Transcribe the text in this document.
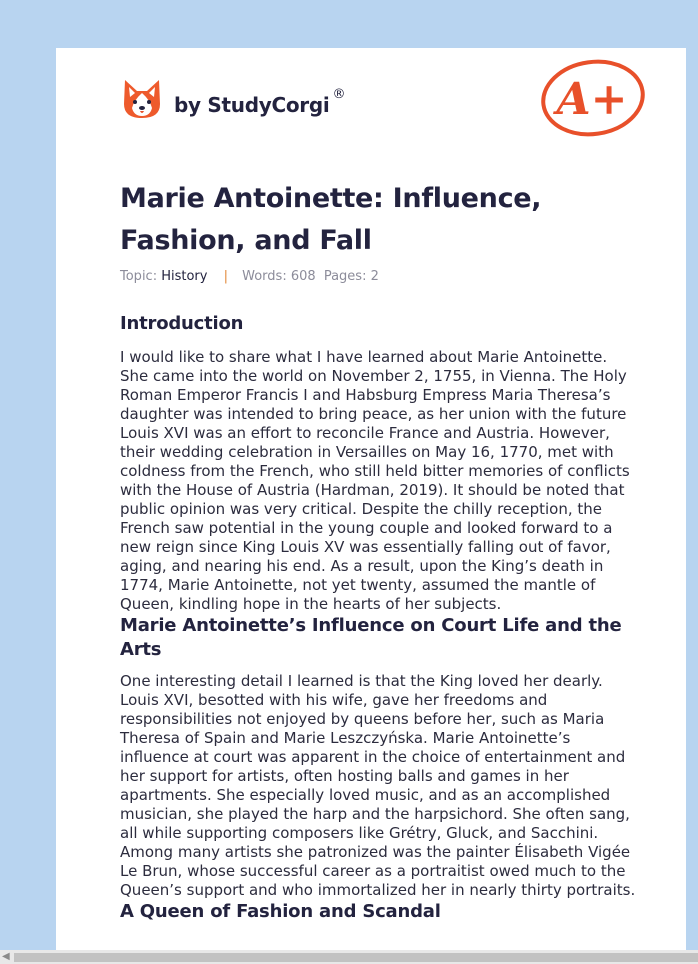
by StudyCorgi ®	A+
Marie Antoinette: Influence, Fashion, and Fall
Topic: History | Words: 608 Pages: 2
Introduction

I would like to share what I have learned about Marie Antoinette. She came into the world on November 2, 1755, in Vienna. The Holy Roman Emperor Francis I and Habsburg Empress Maria Theresa’s daughter was intended to bring peace, as her union with the future Louis XVI was an effort to reconcile France and Austria. However, their wedding celebration in Versailles on May 16, 1770, met with coldness from the French, who still held bitter memories of conflicts with the House of Austria (Hardman, 2019). It should be noted that public opinion was very critical. Despite the chilly reception, the French saw potential in the young couple and looked forward to a new reign since King Louis XV was essentially falling out of favor, aging, and nearing his end. As a result, upon the King’s death in 1774, Marie Antoinette, not yet twenty, assumed the mantle of Queen, kindling hope in the hearts of her subjects.

Marie Antoinette’s Influence on Court Life and the Arts

One interesting detail I learned is that the King loved her dearly. Louis XVI, besotted with his wife, gave her freedoms and responsibilities not enjoyed by queens before her, such as Maria Theresa of Spain and Marie Leszczyńska. Marie Antoinette’s influence at court was apparent in the choice of entertainment and her support for artists, often hosting balls and games in her apartments. She especially loved music, and as an accomplished musician, she played the harp and the harpsichord. She often sang, all while supporting composers like Grétry, Gluck, and Sacchini. Among many artists she patronized was the painter Élisabeth Vigée Le Brun, whose successful career as a portraitist owed much to the Queen’s support and who immortalized her in nearly thirty portraits.

A Queen of Fashion and Scandal
◀
